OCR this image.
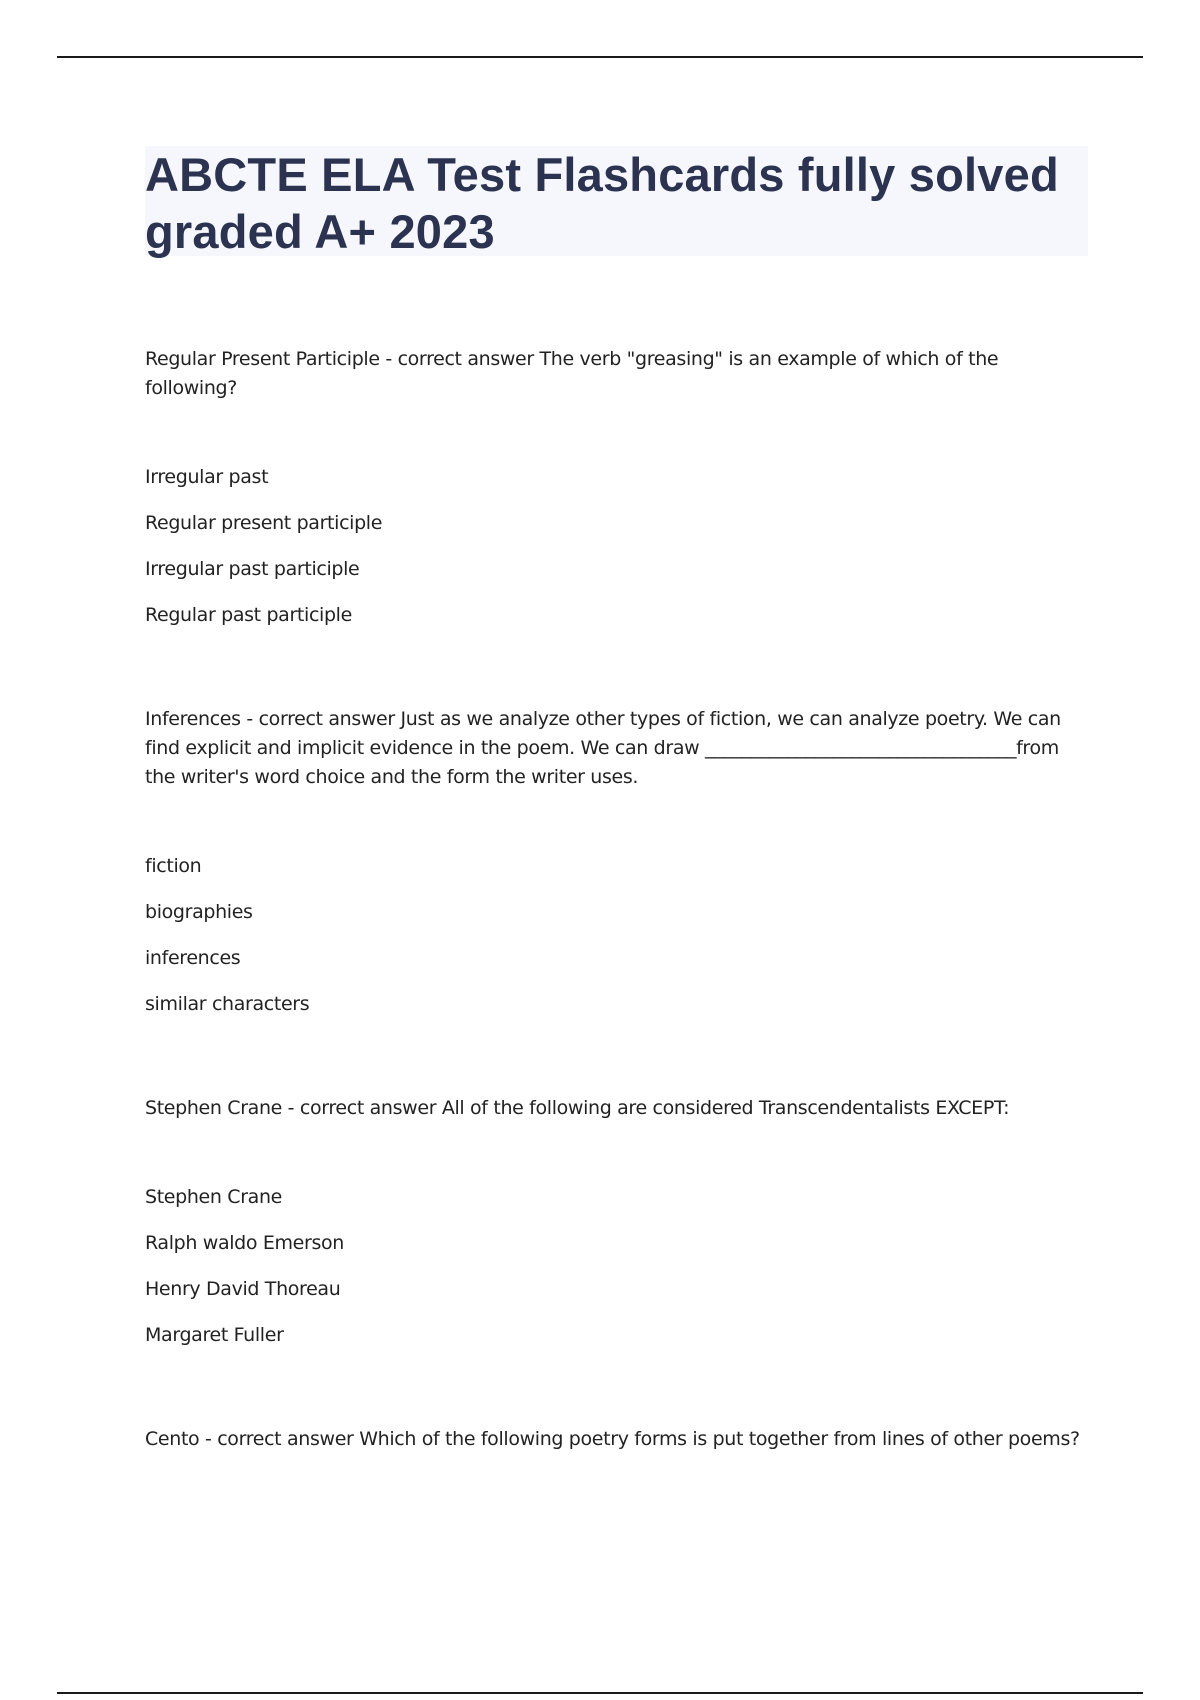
ABCTE ELA Test Flashcards fully solved graded A+ 2023

Regular Present Participle - correct answer The verb "greasing" is an example of which of the following?

Irregular past
Regular present participle
Irregular past participle
Regular past participle

Inferences - correct answer Just as we analyze other types of fiction, we can analyze poetry. We can find explicit and implicit evidence in the poem. We can draw __________________________________from the writer's word choice and the form the writer uses.

fiction
biographies
inferences
similar characters

Stephen Crane - correct answer All of the following are considered Transcendentalists EXCEPT:

Stephen Crane
Ralph waldo Emerson
Henry David Thoreau
Margaret Fuller

Cento - correct answer Which of the following poetry forms is put together from lines of other poems?
